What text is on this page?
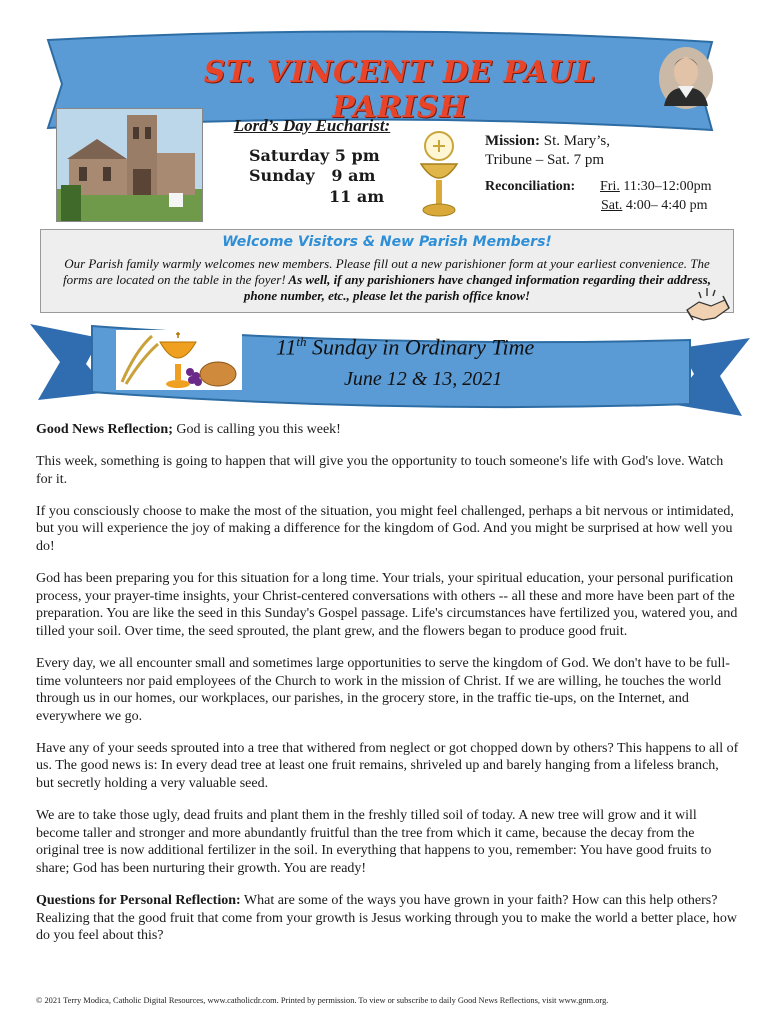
ST. VINCENT DE PAUL PARISH
Lord’s Day Eucharist:
Saturday 5 pm
Sunday   9 am
11 am
Mission: St. Mary’s,
Tribune – Sat. 7 pm
Reconciliation: Fri. 11:30–12:00pm
Sat. 4:00– 4:40 pm
Welcome Visitors & New Parish Members!
Our Parish family warmly welcomes new members. Please fill out a new parishioner form at your earliest convenience. The forms are located on the table in the foyer! As well, if any parishioners have changed information regarding their address, phone number, etc., please let the parish office know!
11th Sunday in Ordinary Time
June 12 & 13, 2021

Good News Reflection; God is calling you this week!

This week, something is going to happen that will give you the opportunity to touch someone's life with God's love. Watch for it.

If you consciously choose to make the most of the situation, you might feel challenged, perhaps a bit nervous or intimidated, but you will experience the joy of making a difference for the kingdom of God. And you might be surprised at how well you do!

God has been preparing you for this situation for a long time. Your trials, your spiritual education, your personal purification process, your prayer-time insights, your Christ-centered conversations with others -- all these and more have been part of the preparation. You are like the seed in this Sunday's Gospel passage. Life's circumstances have fertilized you, watered you, and tilled your soil. Over time, the seed sprouted, the plant grew, and the flowers began to produce good fruit.

Every day, we all encounter small and sometimes large opportunities to serve the kingdom of God. We don't have to be full-time volunteers nor paid employees of the Church to work in the mission of Christ. If we are willing, he touches the world through us in our homes, our workplaces, our parishes, in the grocery store, in the traffic tie-ups, on the Internet, and everywhere we go.

Have any of your seeds sprouted into a tree that withered from neglect or got chopped down by others? This happens to all of us. The good news is: In every dead tree at least one fruit remains, shriveled up and barely hanging from a lifeless branch, but secretly holding a very valuable seed.

We are to take those ugly, dead fruits and plant them in the freshly tilled soil of today. A new tree will grow and it will become taller and stronger and more abundantly fruitful than the tree from which it came, because the decay from the original tree is now additional fertilizer in the soil. In everything that happens to you, remember: You have good fruits to share; God has been nurturing their growth. You are ready!

Questions for Personal Reflection: What are some of the ways you have grown in your faith? How can this help others? Realizing that the good fruit that come from your growth is Jesus working through you to make the world a better place, how do you feel about this?

© 2021 Terry Modica, Catholic Digital Resources, www.catholicdr.com. Printed by permission. To view or subscribe to daily Good News Reflections, visit www.gnm.org.
